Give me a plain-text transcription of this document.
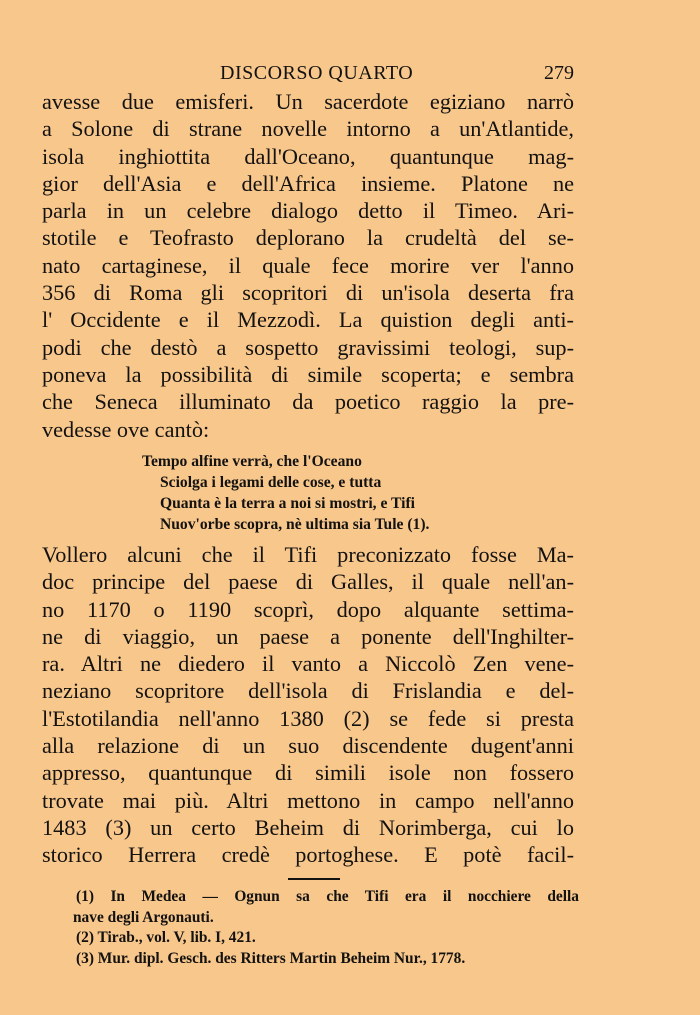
DISCORSO QUARTO	279
avesse due emisferi. Un sacerdote egiziano narrò
a Solone di strane novelle intorno a un'Atlantide,
isola inghiottita dall'Oceano, quantunque mag-
gior dell'Asia e dell'Africa insieme. Platone ne
parla in un celebre dialogo detto il Timeo. Ari-
stotile e Teofrasto deplorano la crudeltà del se-
nato cartaginese, il quale fece morire ver l'anno
356 di Roma gli scopritori di un'isola deserta fra
l' Occidente e il Mezzodì. La quistion degli anti-
podi che destò a sospetto gravissimi teologi, sup-
poneva la possibilità di simile scoperta; e sembra
che Seneca illuminato da poetico raggio la pre-
vedesse ove cantò:
Tempo alfine verrà, che l'Oceano
Sciolga i legami delle cose, e tutta
Quanta è la terra a noi si mostri, e Tifi
Nuov'orbe scopra, nè ultima sia Tule (1).
Vollero alcuni che il Tifi preconizzato fosse Ma-
doc principe del paese di Galles, il quale nell'an-
no 1170 o 1190 scoprì, dopo alquante settima-
ne di viaggio, un paese a ponente dell'Inghilter-
ra. Altri ne diedero il vanto a Niccolò Zen vene-
neziano scopritore dell'isola di Frislandia e del-
l'Estotilandia nell'anno 1380 (2) se fede si presta
alla relazione di un suo discendente dugent'anni
appresso, quantunque di simili isole non fossero
trovate mai più. Altri mettono in campo nell'anno
1483 (3) un certo Beheim di Norimberga, cui lo
storico Herrera credè portoghese. E potè facil-
(1) In Medea — Ognun sa che Tifi era il nocchiere della
nave degli Argonauti.
(2) Tirab., vol. V, lib. I, 421.
(3) Mur. dipl. Gesch. des Ritters Martin Beheim Nur., 1778.
